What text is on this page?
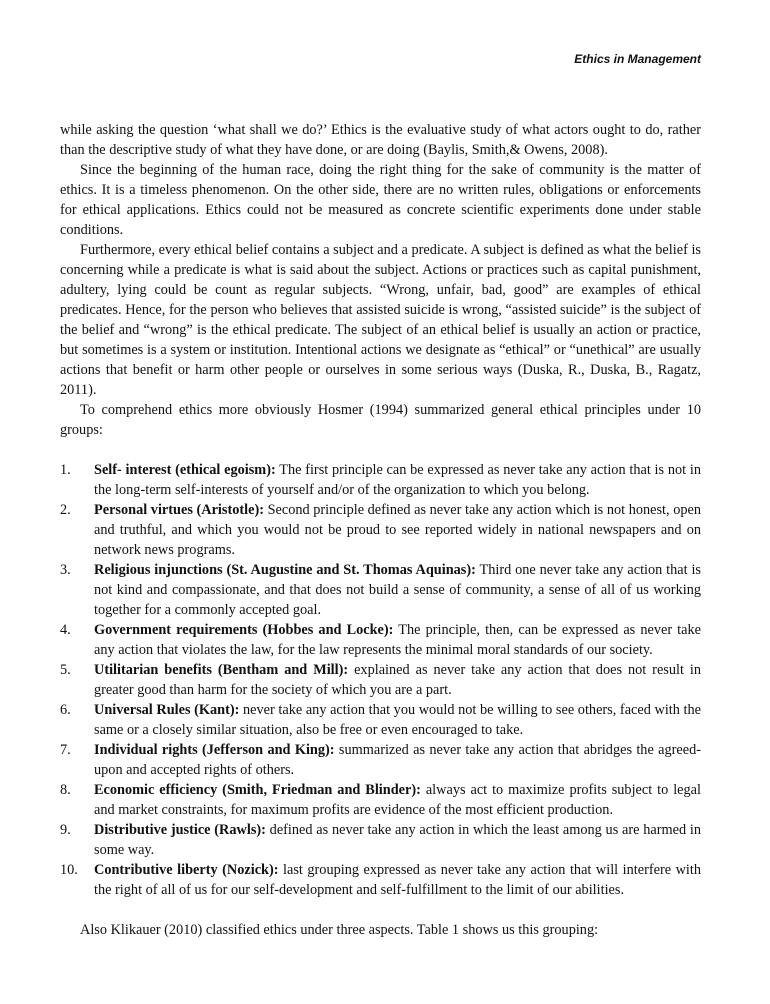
Ethics in Management

while asking the question ‘what shall we do?’ Ethics is the evaluative study of what actors ought to do, rather than the descriptive study of what they have done, or are doing (Baylis, Smith,& Owens, 2008).

Since the beginning of the human race, doing the right thing for the sake of community is the matter of ethics. It is a timeless phenomenon. On the other side, there are no written rules, obligations or enforcements for ethical applications. Ethics could not be measured as concrete scientific experiments done under stable conditions.

Furthermore, every ethical belief contains a subject and a predicate. A subject is defined as what the belief is concerning while a predicate is what is said about the subject. Actions or practices such as capital punishment, adultery, lying could be count as regular subjects. “Wrong, unfair, bad, good” are examples of ethical predicates. Hence, for the person who believes that assisted suicide is wrong, “assisted suicide” is the subject of the belief and “wrong” is the ethical predicate. The subject of an ethical belief is usually an action or practice, but sometimes is a system or institution. Intentional actions we designate as “ethical” or “unethical” are usually actions that benefit or harm other people or ourselves in some serious ways (Duska, R., Duska, B., Ragatz, 2011).

To comprehend ethics more obviously Hosmer (1994) summarized general ethical principles under 10 groups:

1.	Self- interest (ethical egoism): The first principle can be expressed as never take any action that is not in the long-term self-interests of yourself and/or of the organization to which you belong.
2.	Personal virtues (Aristotle): Second principle defined as never take any action which is not honest, open and truthful, and which you would not be proud to see reported widely in national newspapers and on network news programs.
3.	Religious injunctions (St. Augustine and St. Thomas Aquinas): Third one never take any action that is not kind and compassionate, and that does not build a sense of community, a sense of all of us working together for a commonly accepted goal.
4.	Government requirements (Hobbes and Locke): The principle, then, can be expressed as never take any action that violates the law, for the law represents the minimal moral standards of our society.
5.	Utilitarian benefits (Bentham and Mill): explained as never take any action that does not result in greater good than harm for the society of which you are a part.
6.	Universal Rules (Kant): never take any action that you would not be willing to see others, faced with the same or a closely similar situation, also be free or even encouraged to take.
7.	Individual rights (Jefferson and King): summarized as never take any action that abridges the agreed-upon and accepted rights of others.
8.	Economic efficiency (Smith, Friedman and Blinder): always act to maximize profits subject to legal and market constraints, for maximum profits are evidence of the most efficient production.
9.	Distributive justice (Rawls): defined as never take any action in which the least among us are harmed in some way.
10.	Contributive liberty (Nozick): last grouping expressed as never take any action that will interfere with the right of all of us for our self-development and self-fulfillment to the limit of our abilities.

Also Klikauer (2010) classified ethics under three aspects. Table 1 shows us this grouping:
